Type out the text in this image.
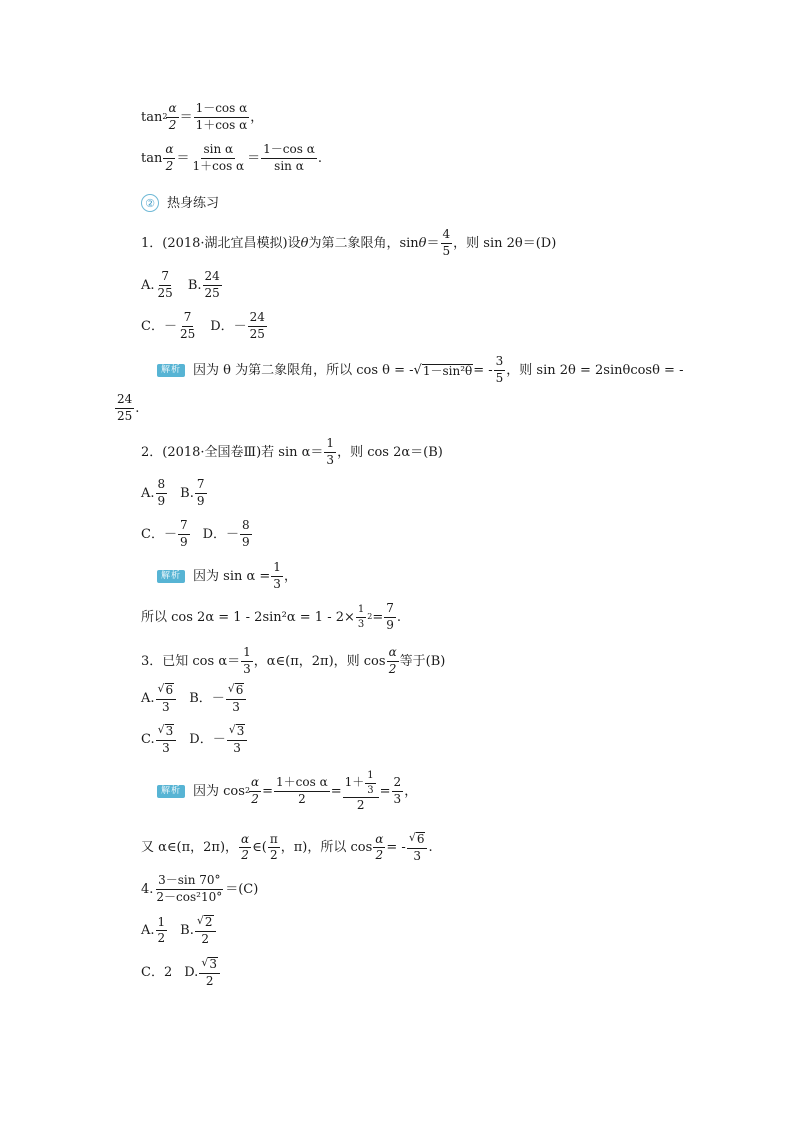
$\tan 2 \frac{\alpha}{2} = \frac{\text{1－cos α}}{\text{1＋cos α}}$ ，
$\tan \frac{\alpha}{2} = \frac{\text{sin α}}{\text{1＋cos α}} = \frac{\text{1－cos α}}{\text{sin α}}$ .
② 热身练习
1．(2018·湖北宜昌模拟)设 θ 为第二象限角，$\sin \theta = \frac{4}{5}$ ，则 sin 2θ＝(D)
A. $\frac{7}{25} B$. $\frac{24}{25}$
C．－ $\frac{7}{25}$ D．－ $\frac{24}{25}$
解析 因为 θ 为第二象限角，所以 cos θ = - √ 1－sin²θ = - $\frac{3}{5}$ ，则 sin 2θ = 2sinθcosθ = -
$\frac{24}{25}$ .
2．(2018·全国卷Ⅲ)若 $\sin \alpha= \frac{1}{3}$ ，则 cos 2α＝(B)
A. $\frac{8}{9} B$. $\frac{7}{9}$
C．－ $\frac{7}{9}$ D．－ $\frac{8}{9}$
解析 因为 $\sin \alpha = \frac{1}{3}$ ，
所以 $\cos 2\alpha = 1 - 2\sin^2\alpha = 1 - 2\times \frac{1}{3} 2 = \frac{7}{9}$ .
3．已知 $\cos \alpha= \frac{1}{3}$ ，α∈(π，2π)，则 $\cos \frac{\alpha}{2}$ 等于(B)
A. $\frac{√ 6}{3}$ B．－ $\frac{√ 6}{3}$
C. $\frac{√ 3}{3}$ D．－ $\frac{√ 3}{3}$
解析 因为 $\cos 2 \frac{\alpha}{2} = \frac{\text{1＋cos α}}{2} = \frac{1+ \frac{1}{3}}{2} = \frac{2}{3}$ ，
又 α∈(π，2π)， $\frac{\alpha}{2}$ ∈( $\frac{\pi}{2}$ ，π)，所以 $\cos \frac{\alpha}{2}$ = - $\frac{√ 6}{3}$ .
4. $\frac{3-\sin 70^\circ}{\text{2－cos²10°}} =(C)$
A. $\frac{1}{2} B$. $\frac{√ 2}{2}$
C．2 D. $\frac{√ 3}{2}$
